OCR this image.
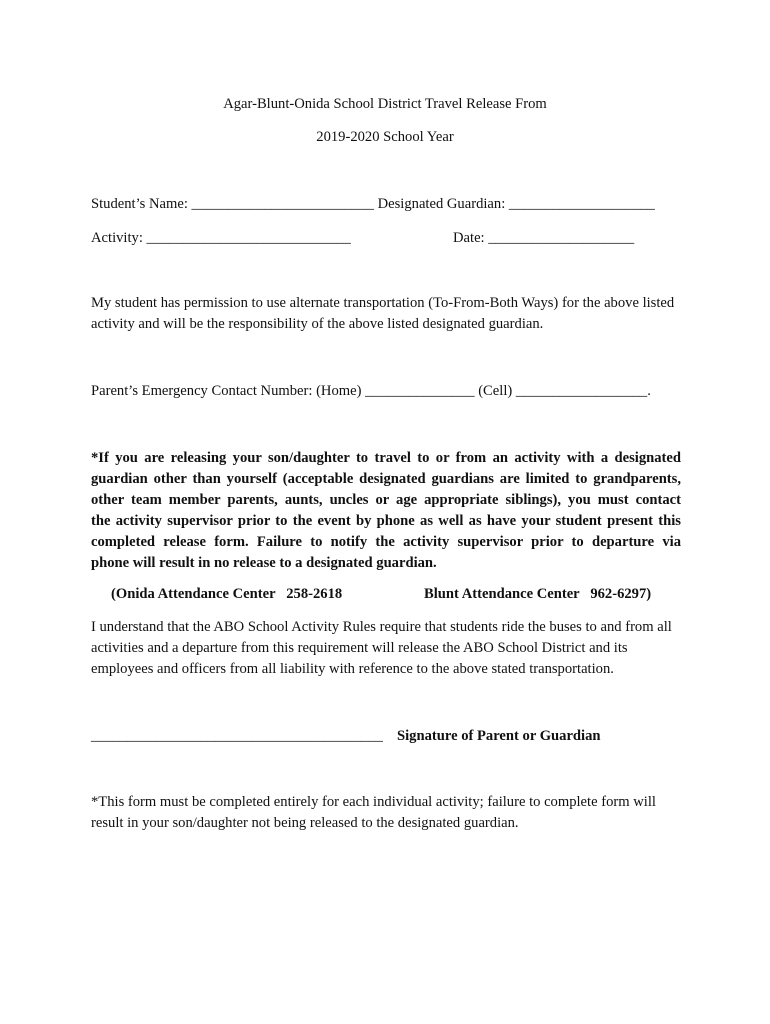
Agar-Blunt-Onida School District Travel Release From
2019-2020 School Year
Student’s Name: _________________________ Designated Guardian: ____________________
Activity: ____________________________	Date: ____________________
My student has permission to use alternate transportation (To-From-Both Ways) for the above listed activity and will be the responsibility of the above listed designated guardian.
Parent’s Emergency Contact Number: (Home) _______________ (Cell) __________________.
*If you are releasing your son/daughter to travel to or from an activity with a designated
guardian other than yourself (acceptable designated guardians are limited to grandparents,
other team member parents, aunts, uncles or age appropriate siblings), you must contact
the activity supervisor prior to the event by phone as well as have your student present this
completed release form. Failure to notify the activity supervisor prior to departure via
phone will result in no release to a designated guardian.
(Onida Attendance Center   258-2618	Blunt Attendance Center   962-6297)
I understand that the ABO School Activity Rules require that students ride the buses to and from all activities and a departure from this requirement will release the ABO School District and its employees and officers from all liability with reference to the above stated transportation.
________________________________________ Signature of Parent or Guardian
*This form must be completed entirely for each individual activity; failure to complete form will result in your son/daughter not being released to the designated guardian.
